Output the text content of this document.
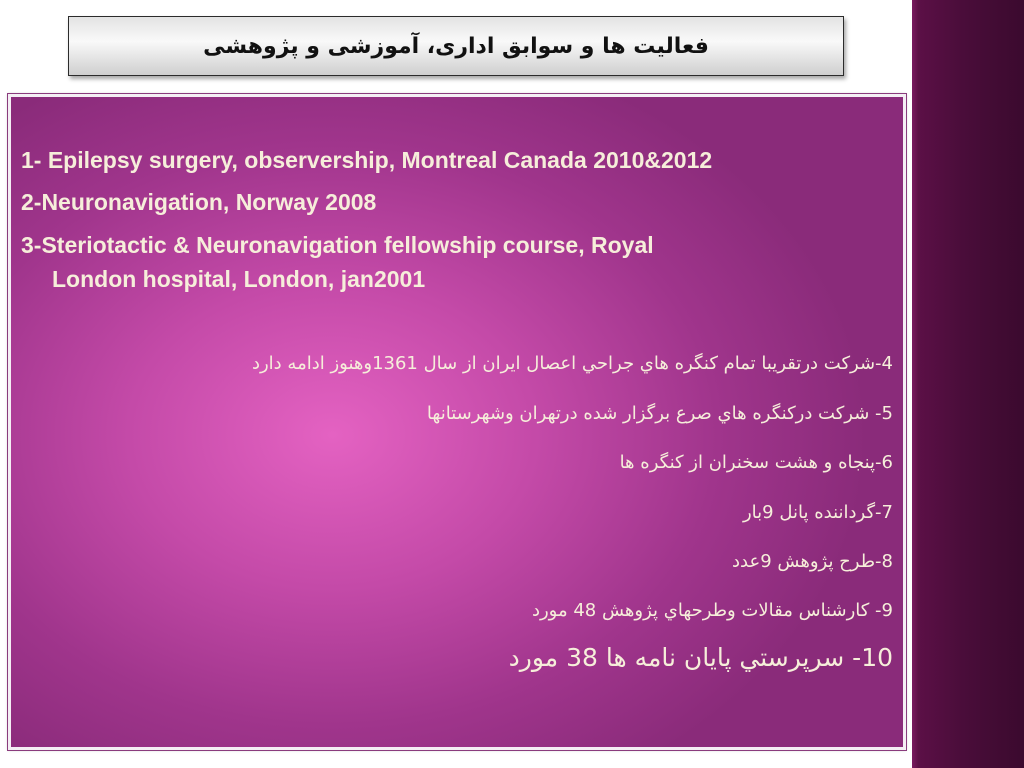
فعالیت ها و سوابق اداری، آموزشی و پژوهشی
1- Epilepsy surgery, observership, Montreal Canada 2010&2012
2-Neuronavigation, Norway 2008
3-Steriotactic & Neuronavigation fellowship course, Royal
London hospital, London, jan2001
4-شركت درتقريبا تمام كنگره هاي جراحي اعصال ايران از سال 1361وهنوز ادامه دارد
5- شركت دركنگره هاي صرع برگزار شده درتهران وشهرستانها
6-پنجاه و هشت سخنران از كنگره ها
7-گرداننده پانل 9بار
8-طرح پژوهش 9عدد
9- كارشناس مقالات وطرحهاي پژوهش 48 مورد
10- سرپرستي پايان نامه ها 38 مورد
